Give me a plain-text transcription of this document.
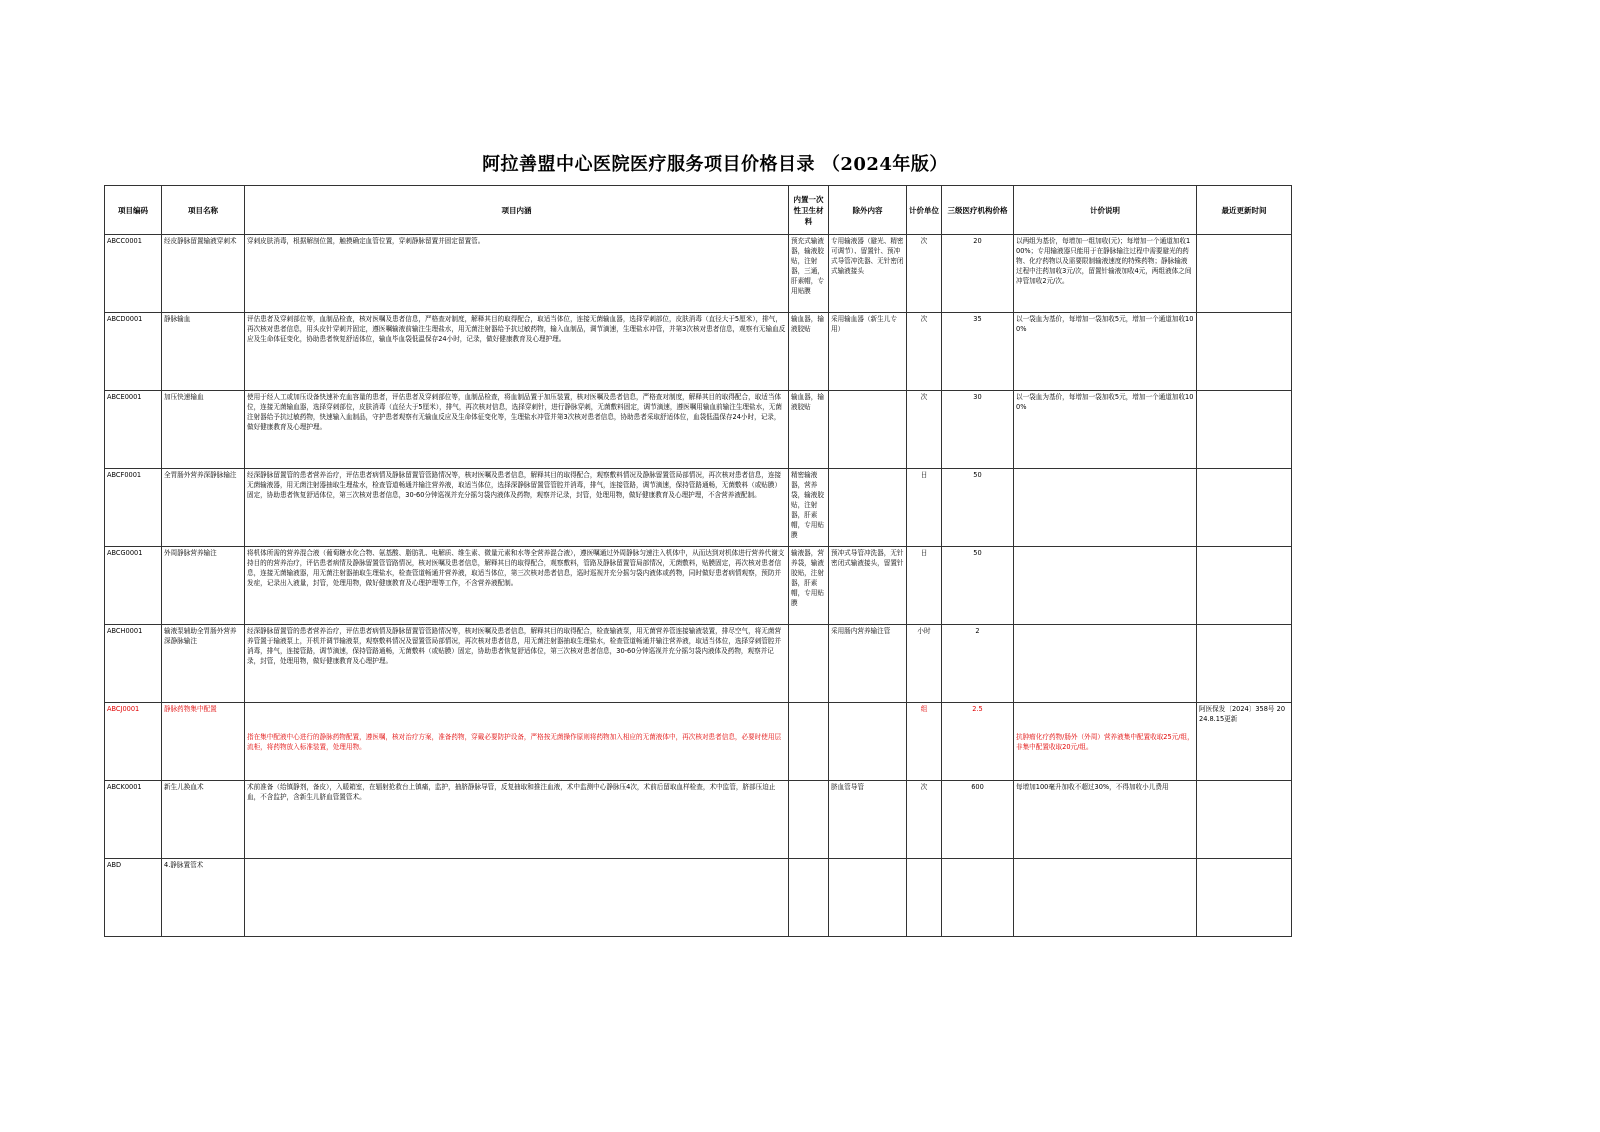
阿拉善盟中心医院医疗服务项目价格目录 （2024年版）
项目编码	项目名称	项目内涵	内置一次性卫生材料	除外内容	计价单位	三级医疗机构价格	计价说明	最近更新时间
ABCC0001	经皮静脉留置输液穿刺术	穿刺皮肤消毒，根据解剖位置，触摸确定血管位置，穿刺静脉留置并固定留置管。	预充式输液器，输液胶贴，注射器，三通，肝素帽，专用贴膜	专用输液器（避光、精密可调节）、留置针、预冲式导管冲洗器、无针密闭式输液接头	次	20	以两组为基价，每增加一组加收(元)；每增加一个通道加收100%；专用输液器只能用于在静脉输注过程中需要避光的药物、化疗药物以及需要限制输液速度的特殊药物；静脉输液过程中注药加收3元/次，留置针输液加收4元，两组液体之间冲管加收2元/次。	
ABCD0001	静脉输血	评估患者及穿刺部位等，血制品检查，核对医嘱及患者信息，严格查对制度，解释其目的取得配合，取适当体位，连接无菌输血器，选择穿刺部位，皮肤消毒（直径大于5厘米），排气，再次核对患者信息，用头皮针穿刺并固定，遵医嘱输液前输注生理盐水，用无菌注射器给予抗过敏药物，输入血制品，调节滴速，生理盐水冲管，并第3次核对患者信息，观察有无输血反应及生命体征变化，协助患者恢复舒适体位，输血毕血袋低温保存24小时，记录，做好健康教育及心理护理。	输血器，输液胶贴	采用输血器（新生儿专用）	次	35	以一袋血为基价，每增加一袋加收5元，增加一个通道加收100%	
ABCE0001	加压快速输血	使用于经人工或加压设备快速补充血容量的患者，评估患者及穿刺部位等，血制品检查，将血制品置于加压装置，核对医嘱及患者信息，严格查对制度，解释其目的取得配合，取适当体位，连接无菌输血器，选择穿刺部位，皮肤消毒（直径大于5厘米），排气，再次核对信息，选择穿刺针，进行静脉穿刺，无菌敷料固定，调节滴速，遵医嘱用输血前输注生理盐水，无菌注射器给予抗过敏药物，快速输入血制品，守护患者观察有无输血反应及生命体征变化等，生理盐水冲管并第3次核对患者信息，协助患者采取舒适体位，血袋低温保存24小时，记录，做好健康教育及心理护理。	输血器，输液胶贴		次	30	以一袋血为基价，每增加一袋加收5元，增加一个通道加收100%	
ABCF0001	全胃肠外营养深静脉输注	经深静脉留置管的患者营养治疗，评估患者病情及静脉留置管管路情况等，核对医嘱及患者信息，解释其目的取得配合，观察敷料情况及静脉留置管局部情况，再次核对患者信息，连接无菌输液器，用无菌注射器抽取生理盐水，检查管道畅通并输注营养液，取适当体位，选择深静脉留置管管腔并消毒，排气，连接管路，调节滴速，保持管路通畅，无菌敷料（或贴膜）固定，协助患者恢复舒适体位，第三次核对患者信息，30-60分钟巡视并充分摇匀袋内液体及药物，观察并记录，封管，处理用物，做好健康教育及心理护理，不含营养液配制。	精密输液器，营养袋，输液胶贴，注射器，肝素帽，专用贴膜		日	50		
ABCG0001	外周静脉营养输注	将机体所需的营养混合液（葡萄糖水化合物、氨基酸、脂肪乳、电解质、维生素、微量元素和水等全营养混合液），遵医嘱通过外周静脉匀速注入机体中，从而达到对机体进行营养代谢支持目的的营养治疗，评估患者病情及静脉留置管管路情况，核对医嘱及患者信息，解释其目的取得配合，观察敷料，管路及静脉留置管局部情况，无菌敷料，贴膜固定，再次核对患者信息，连接无菌输液器，用无菌注射器抽取生理盐水，检查管道畅通并营养液，取适当体位，第三次核对患者信息，巡时巡视并充分摇匀袋内液体或药物，同时做好患者病情观察，预防并发症，记录出入液量，封管，处理用物，做好健康教育及心理护理等工作，不含营养液配制。	输液器，营养袋，输液胶贴，注射器，肝素帽，专用贴膜	预冲式导管冲洗器，无针密闭式输液接头，留置针	日	50		
ABCH0001	输液泵辅助全胃肠外营养深静脉输注	经深静脉留置管的患者营养治疗，评估患者病情及静脉留置管管路情况等，核对医嘱及患者信息，解释其目的取得配合，检查输液泵，用无菌营养管连接输液装置，排尽空气，将无菌营养管置于输液泵上，开机并调节输液泵，观察敷料情况及留置管局部情况，再次核对患者信息，用无菌注射器抽取生理盐水，检查管道畅通并输注营养液，取适当体位，选择穿刺管腔并消毒，排气，连接管路，调节滴速，保持管路通畅，无菌敷料（或贴膜）固定，协助患者恢复舒适体位，第三次核对患者信息，30-60分钟巡视并充分摇匀袋内液体及药物，观察并记录，封管，处理用物，做好健康教育及心理护理。		采用肠内营养输注管	小时	2		
ABCJ0001	静脉药物集中配置	指在集中配液中心进行的静脉药物配置，遵医嘱，核对治疗方案，准备药物，穿戴必要防护设备，严格按无菌操作原则将药物加入相应的无菌液体中，再次核对患者信息，必要时使用层流柜，将药物放入标准装置，处理用物。			组	2.5	抗肿瘤化疗药物/肠外（外周）营养液集中配置收取25元/组，非集中配置收取20元/组。	阿医保发〔2024〕358号 2024.8.15更新
ABCK0001	新生儿换血术	术前准备（给镇静剂，备皮），入暖箱室，在辐射抢救台上镇痛，监护，抽脐静脉导管，反复抽取和推注血液，术中监测中心静脉压4次，术前后留取血样检查，术中监管，脐部压迫止血，不含监护，含新生儿脐血管置管术。		脐血管导管	次	600	每增加100毫升加收不超过30%，不得加收小儿费用	
ABD	4.静脉置管术							
